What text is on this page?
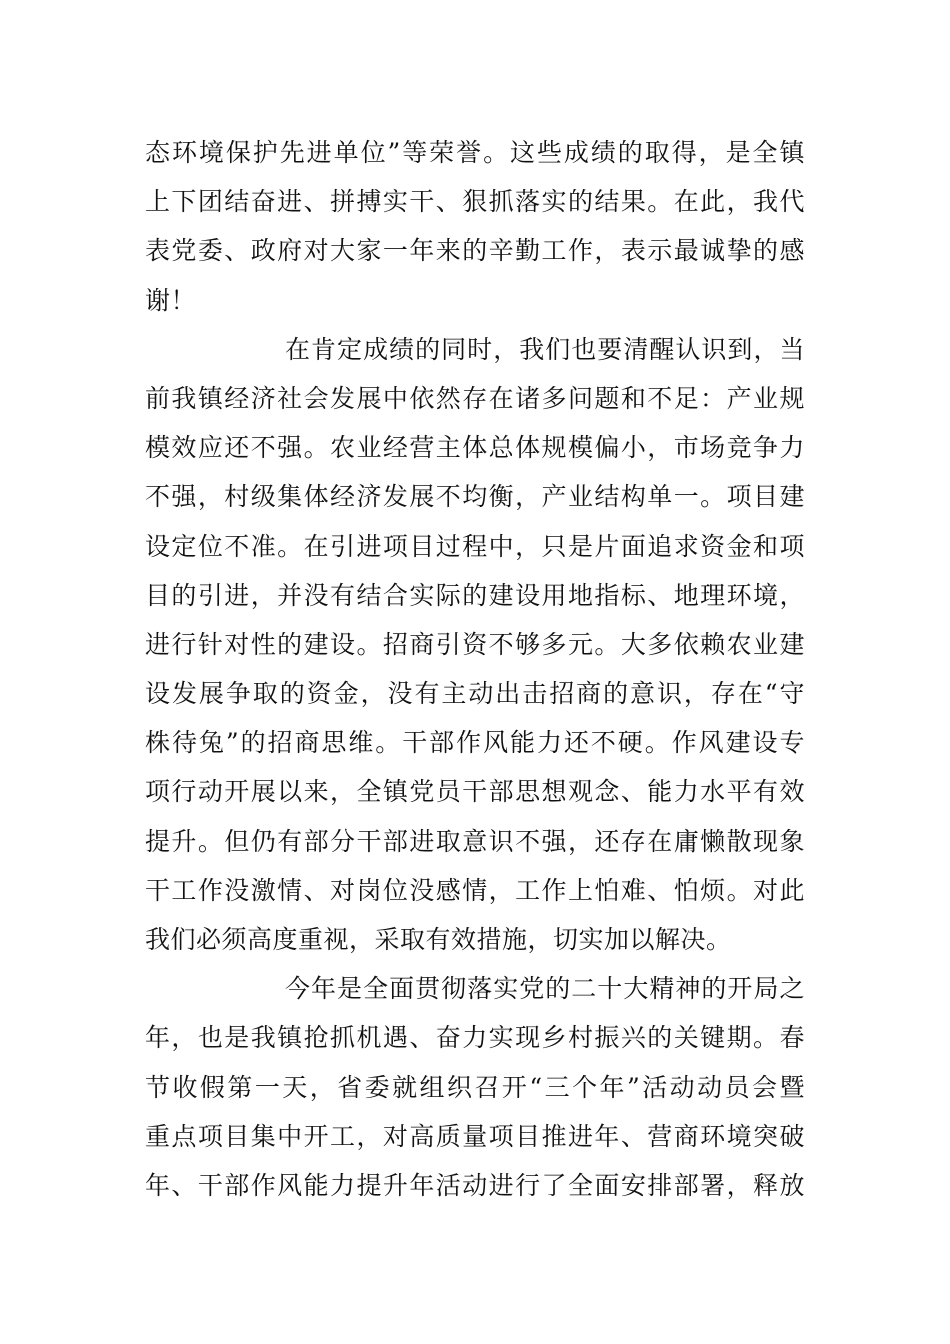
态环境保护先进单位”等荣誉。这些成绩的取得，是全镇
上下团结奋进、拼搏实干、狠抓落实的结果。在此，我代
表党委、政府对大家一年来的辛勤工作，表示最诚挚的感
谢！
在肯定成绩的同时，我们也要清醒认识到，当
前我镇经济社会发展中依然存在诸多问题和不足：产业规
模效应还不强。农业经营主体总体规模偏小，市场竞争力
不强，村级集体经济发展不均衡，产业结构单一。项目建
设定位不准。在引进项目过程中，只是片面追求资金和项
目的引进，并没有结合实际的建设用地指标、地理环境，
进行针对性的建设。招商引资不够多元。大多依赖农业建
设发展争取的资金，没有主动出击招商的意识，存在“守
株待兔”的招商思维。干部作风能力还不硬。作风建设专
项行动开展以来，全镇党员干部思想观念、能力水平有效
提升。但仍有部分干部进取意识不强，还存在庸懒散现象
干工作没激情、对岗位没感情，工作上怕难、怕烦。对此
我们必须高度重视，采取有效措施，切实加以解决。
今年是全面贯彻落实党的二十大精神的开局之
年，也是我镇抢抓机遇、奋力实现乡村振兴的关键期。春
节收假第一天，省委就组织召开“三个年”活动动员会暨
重点项目集中开工，对高质量项目推进年、营商环境突破
年、干部作风能力提升年活动进行了全面安排部署，释放
